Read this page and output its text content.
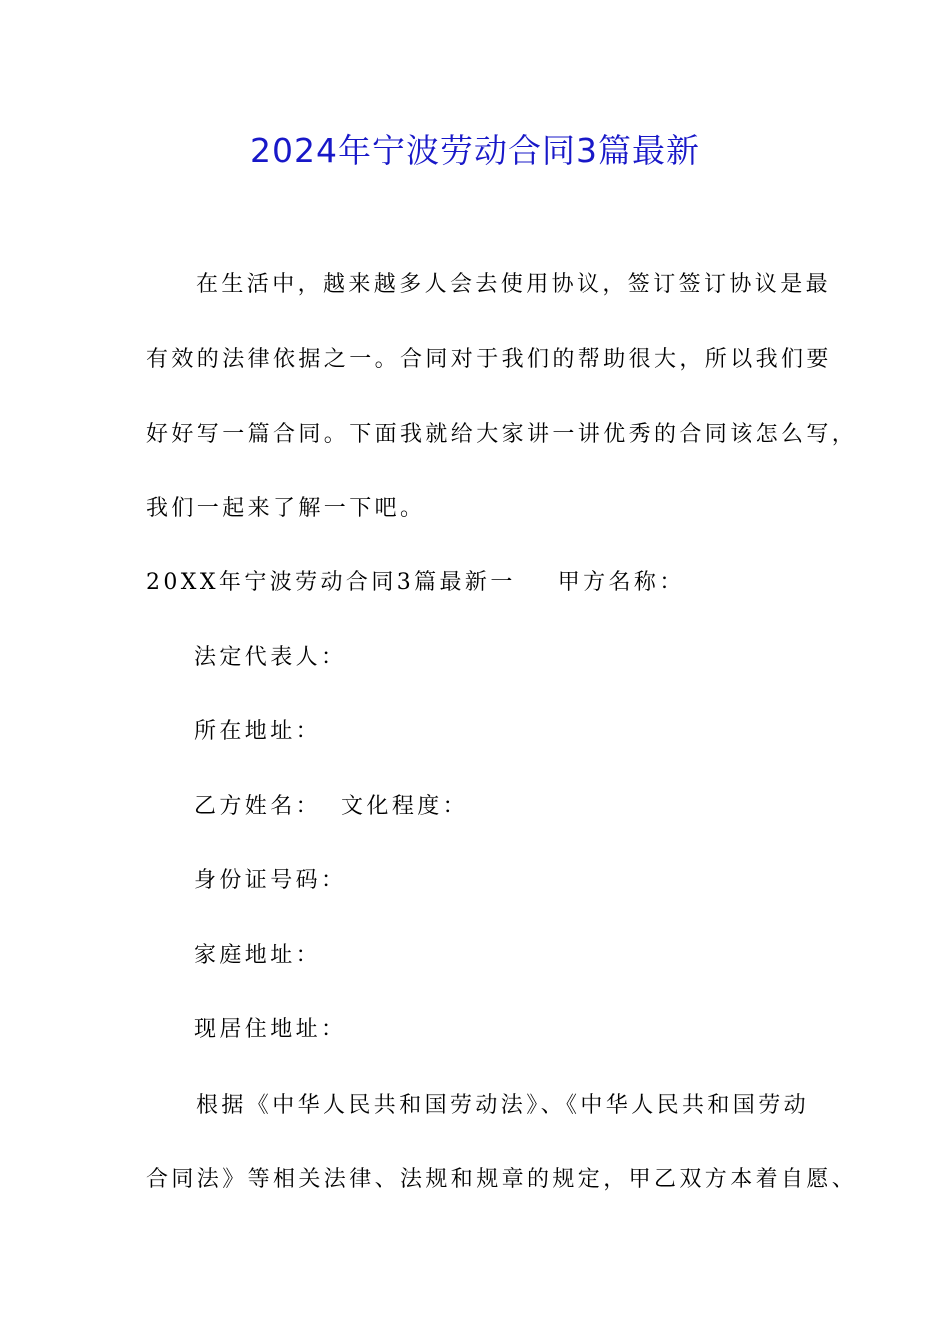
2024年宁波劳动合同3篇最新
在生活中，越来越多人会去使用协议，签订签订协议是最
有效的法律依据之一。合同对于我们的帮助很大，所以我们要
好好写一篇合同。下面我就给大家讲一讲优秀的合同该怎么写，
我们一起来了解一下吧。
20XX年宁波劳动合同3篇最新一 甲方名称：
法定代表人：
所在地址：
乙方姓名： 文化程度：
身份证号码：
家庭地址：
现居住地址：
根据《中华人民共和国劳动法》、《中华人民共和国劳动
合同法》等相关法律、法规和规章的规定，甲乙双方本着自愿、
